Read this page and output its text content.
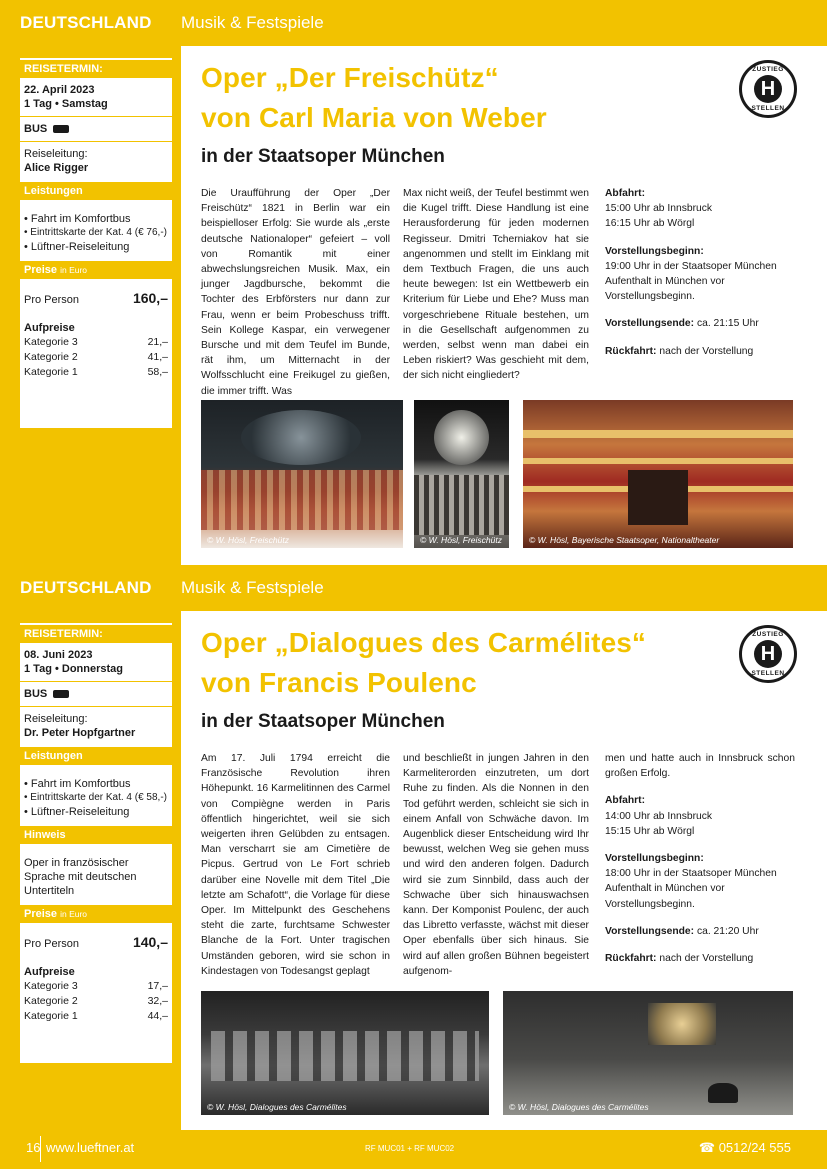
DEUTSCHLAND Musik & Festspiele
REISETERMIN:
22. April 2023
1 Tag • Samstag
BUS
Reiseleitung:
Alice Rigger
Leistungen
• Fahrt im Komfortbus
• Eintrittskarte der Kat. 4 (€ 76,-)
• Lüftner-Reiseleitung
Preise in Euro
Pro Person	160,–
Aufpreise
Kategorie 3	21,–
Kategorie 2	41,–
Kategorie 1	58,–
Oper „Der Freischütz“
von Carl Maria von Weber
in der Staatsoper München
ZUSTIEG
H
STELLEN
Die Uraufführung der Oper „Der Freischütz“ 1821 in Berlin war ein beispielloser Erfolg: Sie wurde als „erste deutsche Nationaloper“ gefeiert – voll von Romantik mit einer abwechslungsreichen Musik. Max, ein junger Jagdbursche, bekommt die Tochter des Erbförsters nur dann zur Frau, wenn er beim Probeschuss trifft. Sein Kollege Kaspar, ein verwegener Bursche und mit dem Teufel im Bunde, rät ihm, um Mitternacht in der Wolfsschlucht eine Freikugel zu gießen, die immer trifft. Was
Max nicht weiß, der Teufel bestimmt wen die Kugel trifft. Diese Handlung ist eine Herausforderung für jeden modernen Regisseur. Dmitri Tcherniakov hat sie angenommen und stellt im Einklang mit dem Textbuch Fragen, die uns auch heute bewegen: Ist ein Wettbewerb ein Kriterium für Liebe und Ehe? Muss man vorgeschriebene Rituale bestehen, um in die Gesellschaft aufgenommen zu werden, selbst wenn man dabei ein Leben riskiert? Was geschieht mit dem, der sich nicht eingliedert?
Abfahrt:
15:00 Uhr ab Innsbruck
16:15 Uhr ab Wörgl
Vorstellungsbeginn:
19:00 Uhr in der Staatsoper München Aufenthalt in München vor Vorstellungsbeginn.
Vorstellungsende: ca. 21:15 Uhr
Rückfahrt: nach der Vorstellung
© W. Hösl, Freischütz	© W. Hösl, Freischütz	© W. Hösl, Bayerische Staatsoper, Nationaltheater
DEUTSCHLAND Musik & Festspiele
REISETERMIN:
08. Juni 2023
1 Tag • Donnerstag
BUS
Reiseleitung:
Dr. Peter Hopfgartner
Leistungen
• Fahrt im Komfortbus
• Eintrittskarte der Kat. 4 (€ 58,-)
• Lüftner-Reiseleitung
Hinweis
Oper in französischer Sprache mit deutschen Untertiteln
Preise in Euro
Pro Person	140,–
Aufpreise
Kategorie 3	17,–
Kategorie 2	32,–
Kategorie 1	44,–
Oper „Dialogues des Carmélites“
von Francis Poulenc
in der Staatsoper München
ZUSTIEG
H
STELLEN
Am 17. Juli 1794 erreicht die Französische Revolution ihren Höhepunkt. 16 Karmelitinnen des Carmel von Compiègne werden in Paris öffentlich hingerichtet, weil sie sich weigerten ihren Gelübden zu entsagen. Man verscharrt sie am Cimetière de Picpus. Gertrud von Le Fort schrieb darüber eine Novelle mit dem Titel „Die letzte am Schafott“, die Vorlage für diese Oper. Im Mittelpunkt des Geschehens steht die zarte, furchtsame Schwester Blanche de la Fort. Unter tragischen Umständen geboren, wird sie schon in Kindestagen von Todesangst geplagt
und beschließt in jungen Jahren in den Karmeliterorden einzutreten, um dort Ruhe zu finden. Als die Nonnen in den Tod geführt werden, schleicht sie sich in einem Anfall von Schwäche davon. Im Augenblick dieser Entscheidung wird Ihr bewusst, welchen Weg sie gehen muss und wird den anderen folgen. Dadurch wird sie zum Sinnbild, dass auch der Schwache über sich hinauswachsen kann. Der Komponist Poulenc, der auch das Libretto verfasste, wächst mit dieser Oper ebenfalls über sich hinaus. Sie wird auf allen großen Bühnen begeistert aufgenom-
men und hatte auch in Innsbruck schon großen Erfolg.
Abfahrt:
14:00 Uhr ab Innsbruck
15:15 Uhr ab Wörgl
Vorstellungsbeginn:
18:00 Uhr in der Staatsoper München Aufenthalt in München vor Vorstellungsbeginn.
Vorstellungsende: ca. 21:20 Uhr
Rückfahrt: nach der Vorstellung
© W. Hösl, Dialogues des Carmélites	© W. Hösl, Dialogues des Carmélites
16 www.lueftner.at	RF MUC01 + RF MUC02	☎ 0512/24 555
